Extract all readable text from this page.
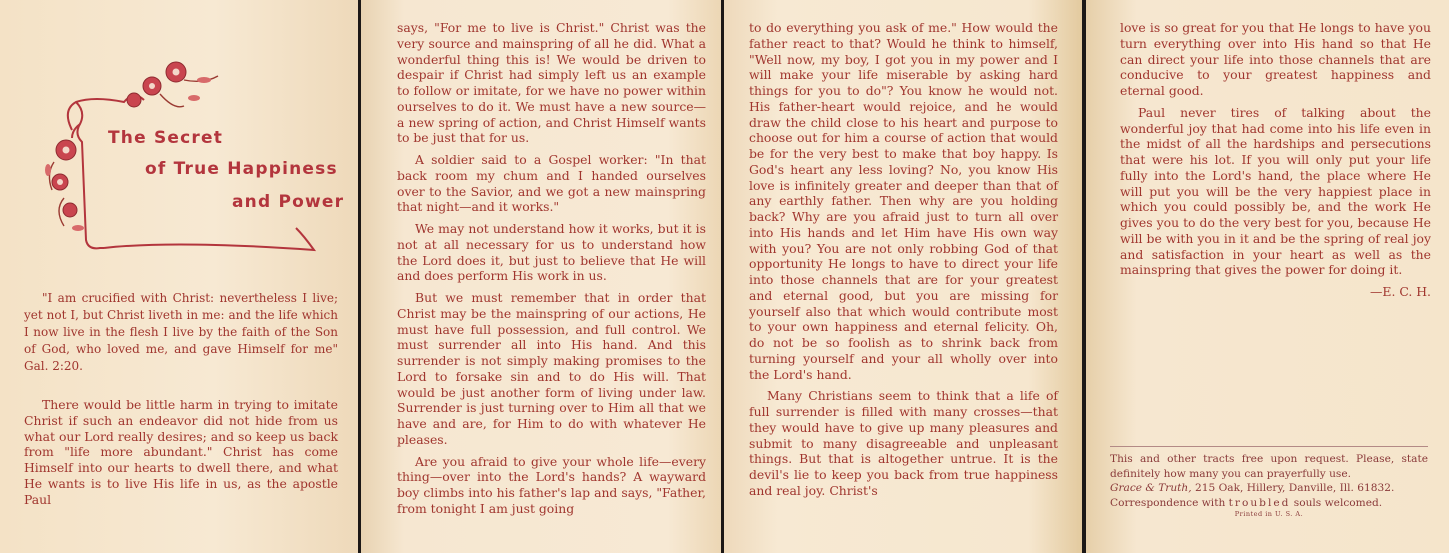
The Secret
of True Happiness
and Power

"I am crucified with Christ: nevertheless I live; yet not I, but Christ liveth in me: and the life which I now live in the flesh I live by the faith of the Son of God, who loved me, and gave Himself for me" Gal. 2:20.

There would be little harm in trying to imitate Christ if such an endeavor did not hide from us what our Lord really desires; and so keep us back from "life more abundant." Christ has come Himself into our hearts to dwell there, and what He wants is to live His life in us, as the apostle Paul

says, "For me to live is Christ." Christ was the very source and mainspring of all he did. What a wonderful thing this is! We would be driven to despair if Christ had simply left us an example to follow or imitate, for we have no power within ourselves to do it. We must have a new source—a new spring of action, and Christ Himself wants to be just that for us.

A soldier said to a Gospel worker: "In that back room my chum and I handed ourselves over to the Savior, and we got a new mainspring that night—and it works."

We may not understand how it works, but it is not at all necessary for us to understand how the Lord does it, but just to believe that He will and does perform His work in us.

But we must remember that in order that Christ may be the mainspring of our actions, He must have full possession, and full control. We must surrender all into His hand. And this surrender is not simply making promises to the Lord to forsake sin and to do His will. That would be just another form of living under law. Surrender is just turning over to Him all that we have and are, for Him to do with whatever He pleases.

Are you afraid to give your whole life—every thing—over into the Lord's hands? A wayward boy climbs into his father's lap and says, "Father, from tonight I am just going

to do everything you ask of me." How would the father react to that? Would he think to himself, "Well now, my boy, I got you in my power and I will make your life miserable by asking hard things for you to do"? You know he would not. His father-heart would rejoice, and he would draw the child close to his heart and purpose to choose out for him a course of action that would be for the very best to make that boy happy. Is God's heart any less loving? No, you know His love is infinitely greater and deeper than that of any earthly father. Then why are you holding back? Why are you afraid just to turn all over into His hands and let Him have His own way with you? You are not only robbing God of that opportunity He longs to have to direct your life into those channels that are for your greatest and eternal good, but you are missing for yourself also that which would contribute most to your own happiness and eternal felicity. Oh, do not be so foolish as to shrink back from turning yourself and your all wholly over into the Lord's hand.

Many Christians seem to think that a life of full surrender is filled with many crosses—that they would have to give up many pleasures and submit to many disagreeable and unpleasant things. But that is altogether untrue. It is the devil's lie to keep you back from true happiness and real joy. Christ's

love is so great for you that He longs to have you turn everything over into His hand so that He can direct your life into those channels that are conducive to your greatest happiness and eternal good.

Paul never tires of talking about the wonderful joy that had come into his life even in the midst of all the hardships and persecutions that were his lot. If you will only put your life fully into the Lord's hand, the place where He will put you will be the very happiest place in which you could possibly be, and the work He gives you to do the very best for you, because He will be with you in it and be the spring of real joy and satisfaction in your heart as well as the mainspring that gives the power for doing it.

—E. C. H.
This and other tracts free upon request. Please, state definitely how many you can prayerfully use.
Grace & Truth, 215 Oak, Hillery, Danville, Ill. 61832.
Correspondence with troubled souls welcomed.
Printed in U. S. A.
